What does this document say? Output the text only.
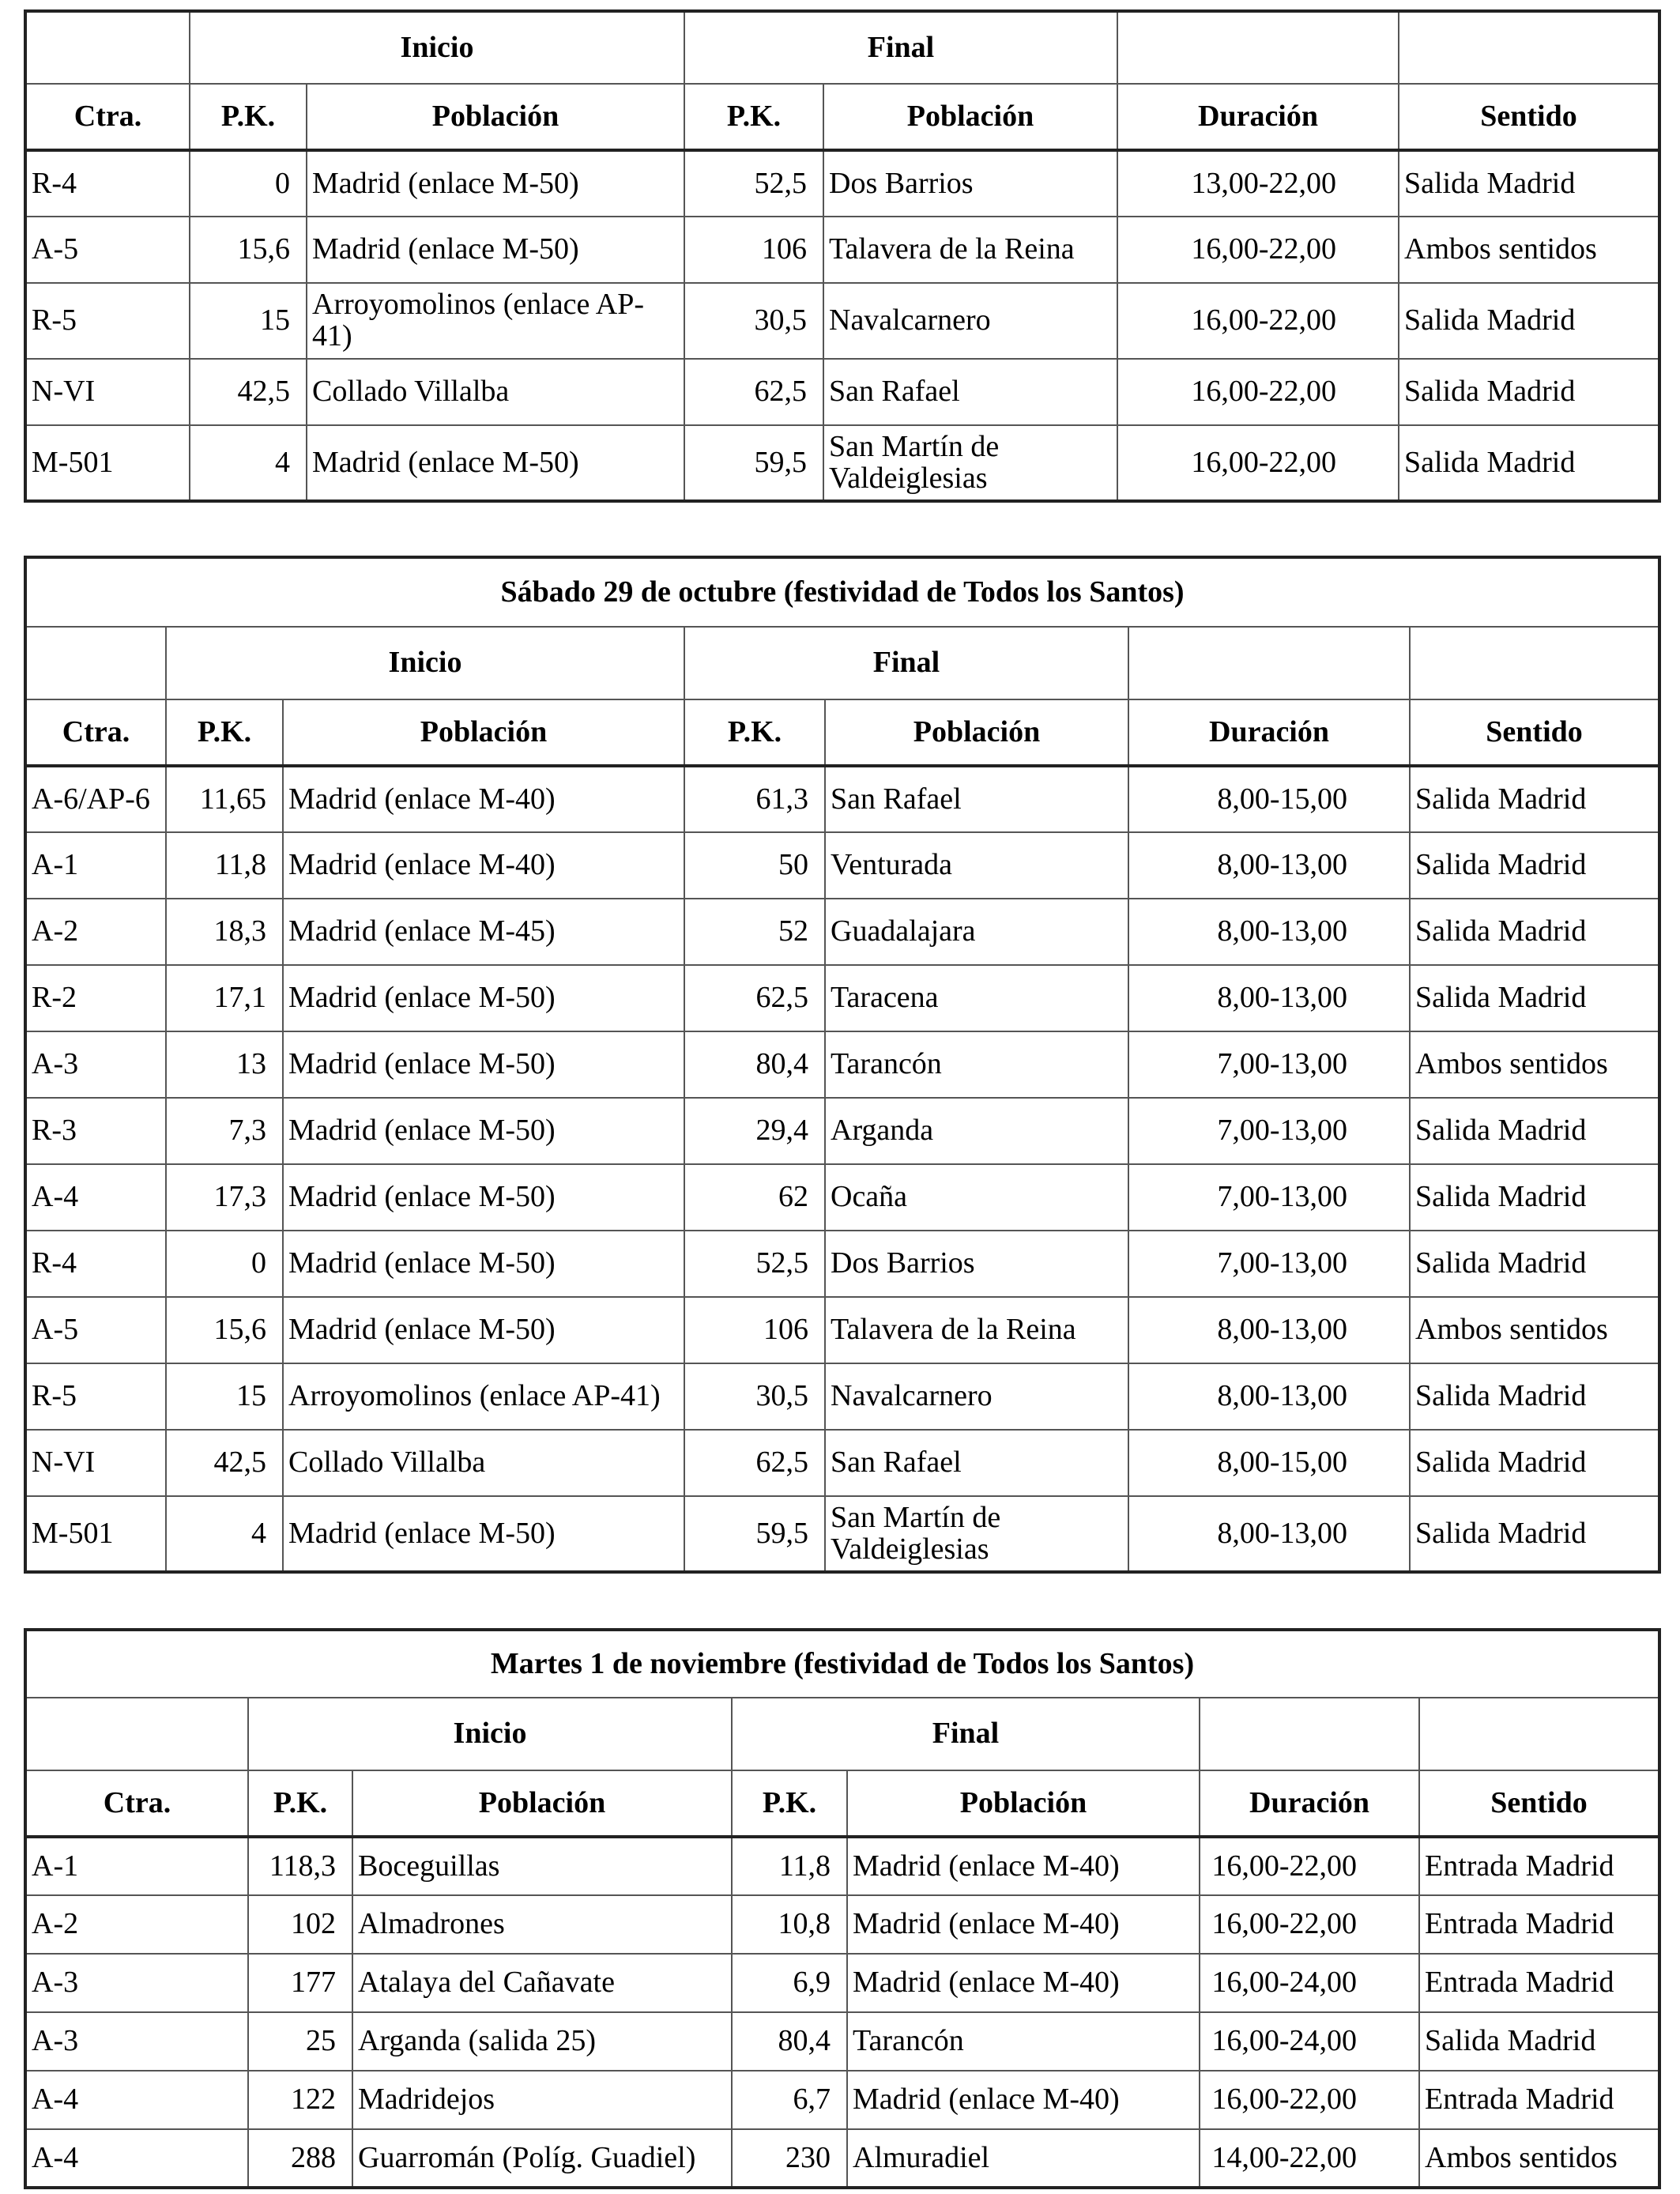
	Inicio		Final			
Ctra.	P.K.	Población	P.K.	Población	Duración	Sentido
R-4	0	Madrid (enlace M-50)	52,5	Dos Barrios	13,00-22,00	Salida Madrid
A-5	15,6	Madrid (enlace M-50)	106	Talavera de la Reina	16,00-22,00	Ambos sentidos
R-5	15	Arroyomolinos (enlace AP-41)	30,5	Navalcarnero	16,00-22,00	Salida Madrid
N-VI	42,5	Collado Villalba	62,5	San Rafael	16,00-22,00	Salida Madrid
M-501	4	Madrid (enlace M-50)	59,5	San Martín de Valdeiglesias	16,00-22,00	Salida Madrid
Sábado 29 de octubre (festividad de Todos los Santos)						
	Inicio		Final			
Ctra.	P.K.	Población	P.K.	Población	Duración	Sentido
A-6/AP-6	11,65	Madrid (enlace M-40)	61,3	San Rafael	8,00-15,00	Salida Madrid
A-1	11,8	Madrid (enlace M-40)	50	Venturada	8,00-13,00	Salida Madrid
A-2	18,3	Madrid (enlace M-45)	52	Guadalajara	8,00-13,00	Salida Madrid
R-2	17,1	Madrid (enlace M-50)	62,5	Taracena	8,00-13,00	Salida Madrid
A-3	13	Madrid (enlace M-50)	80,4	Tarancón	7,00-13,00	Ambos sentidos
R-3	7,3	Madrid (enlace M-50)	29,4	Arganda	7,00-13,00	Salida Madrid
A-4	17,3	Madrid (enlace M-50)	62	Ocaña	7,00-13,00	Salida Madrid
R-4	0	Madrid (enlace M-50)	52,5	Dos Barrios	7,00-13,00	Salida Madrid
A-5	15,6	Madrid (enlace M-50)	106	Talavera de la Reina	8,00-13,00	Ambos sentidos
R-5	15	Arroyomolinos (enlace AP-41)	30,5	Navalcarnero	8,00-13,00	Salida Madrid
N-VI	42,5	Collado Villalba	62,5	San Rafael	8,00-15,00	Salida Madrid
M-501	4	Madrid (enlace M-50)	59,5	San Martín de Valdeiglesias	8,00-13,00	Salida Madrid
Martes 1 de noviembre (festividad de Todos los Santos)						
	Inicio		Final			
Ctra.	P.K.	Población	P.K.	Población	Duración	Sentido
A-1	118,3	Boceguillas	11,8	Madrid (enlace M-40)	16,00-22,00	Entrada Madrid
A-2	102	Almadrones	10,8	Madrid (enlace M-40)	16,00-22,00	Entrada Madrid
A-3	177	Atalaya del Cañavate	6,9	Madrid (enlace M-40)	16,00-24,00	Entrada Madrid
A-3	25	Arganda (salida 25)	80,4	Tarancón	16,00-24,00	Salida Madrid
A-4	122	Madridejos	6,7	Madrid (enlace M-40)	16,00-22,00	Entrada Madrid
A-4	288	Guarromán (Políg. Guadiel)	230	Almuradiel	14,00-22,00	Ambos sentidos
